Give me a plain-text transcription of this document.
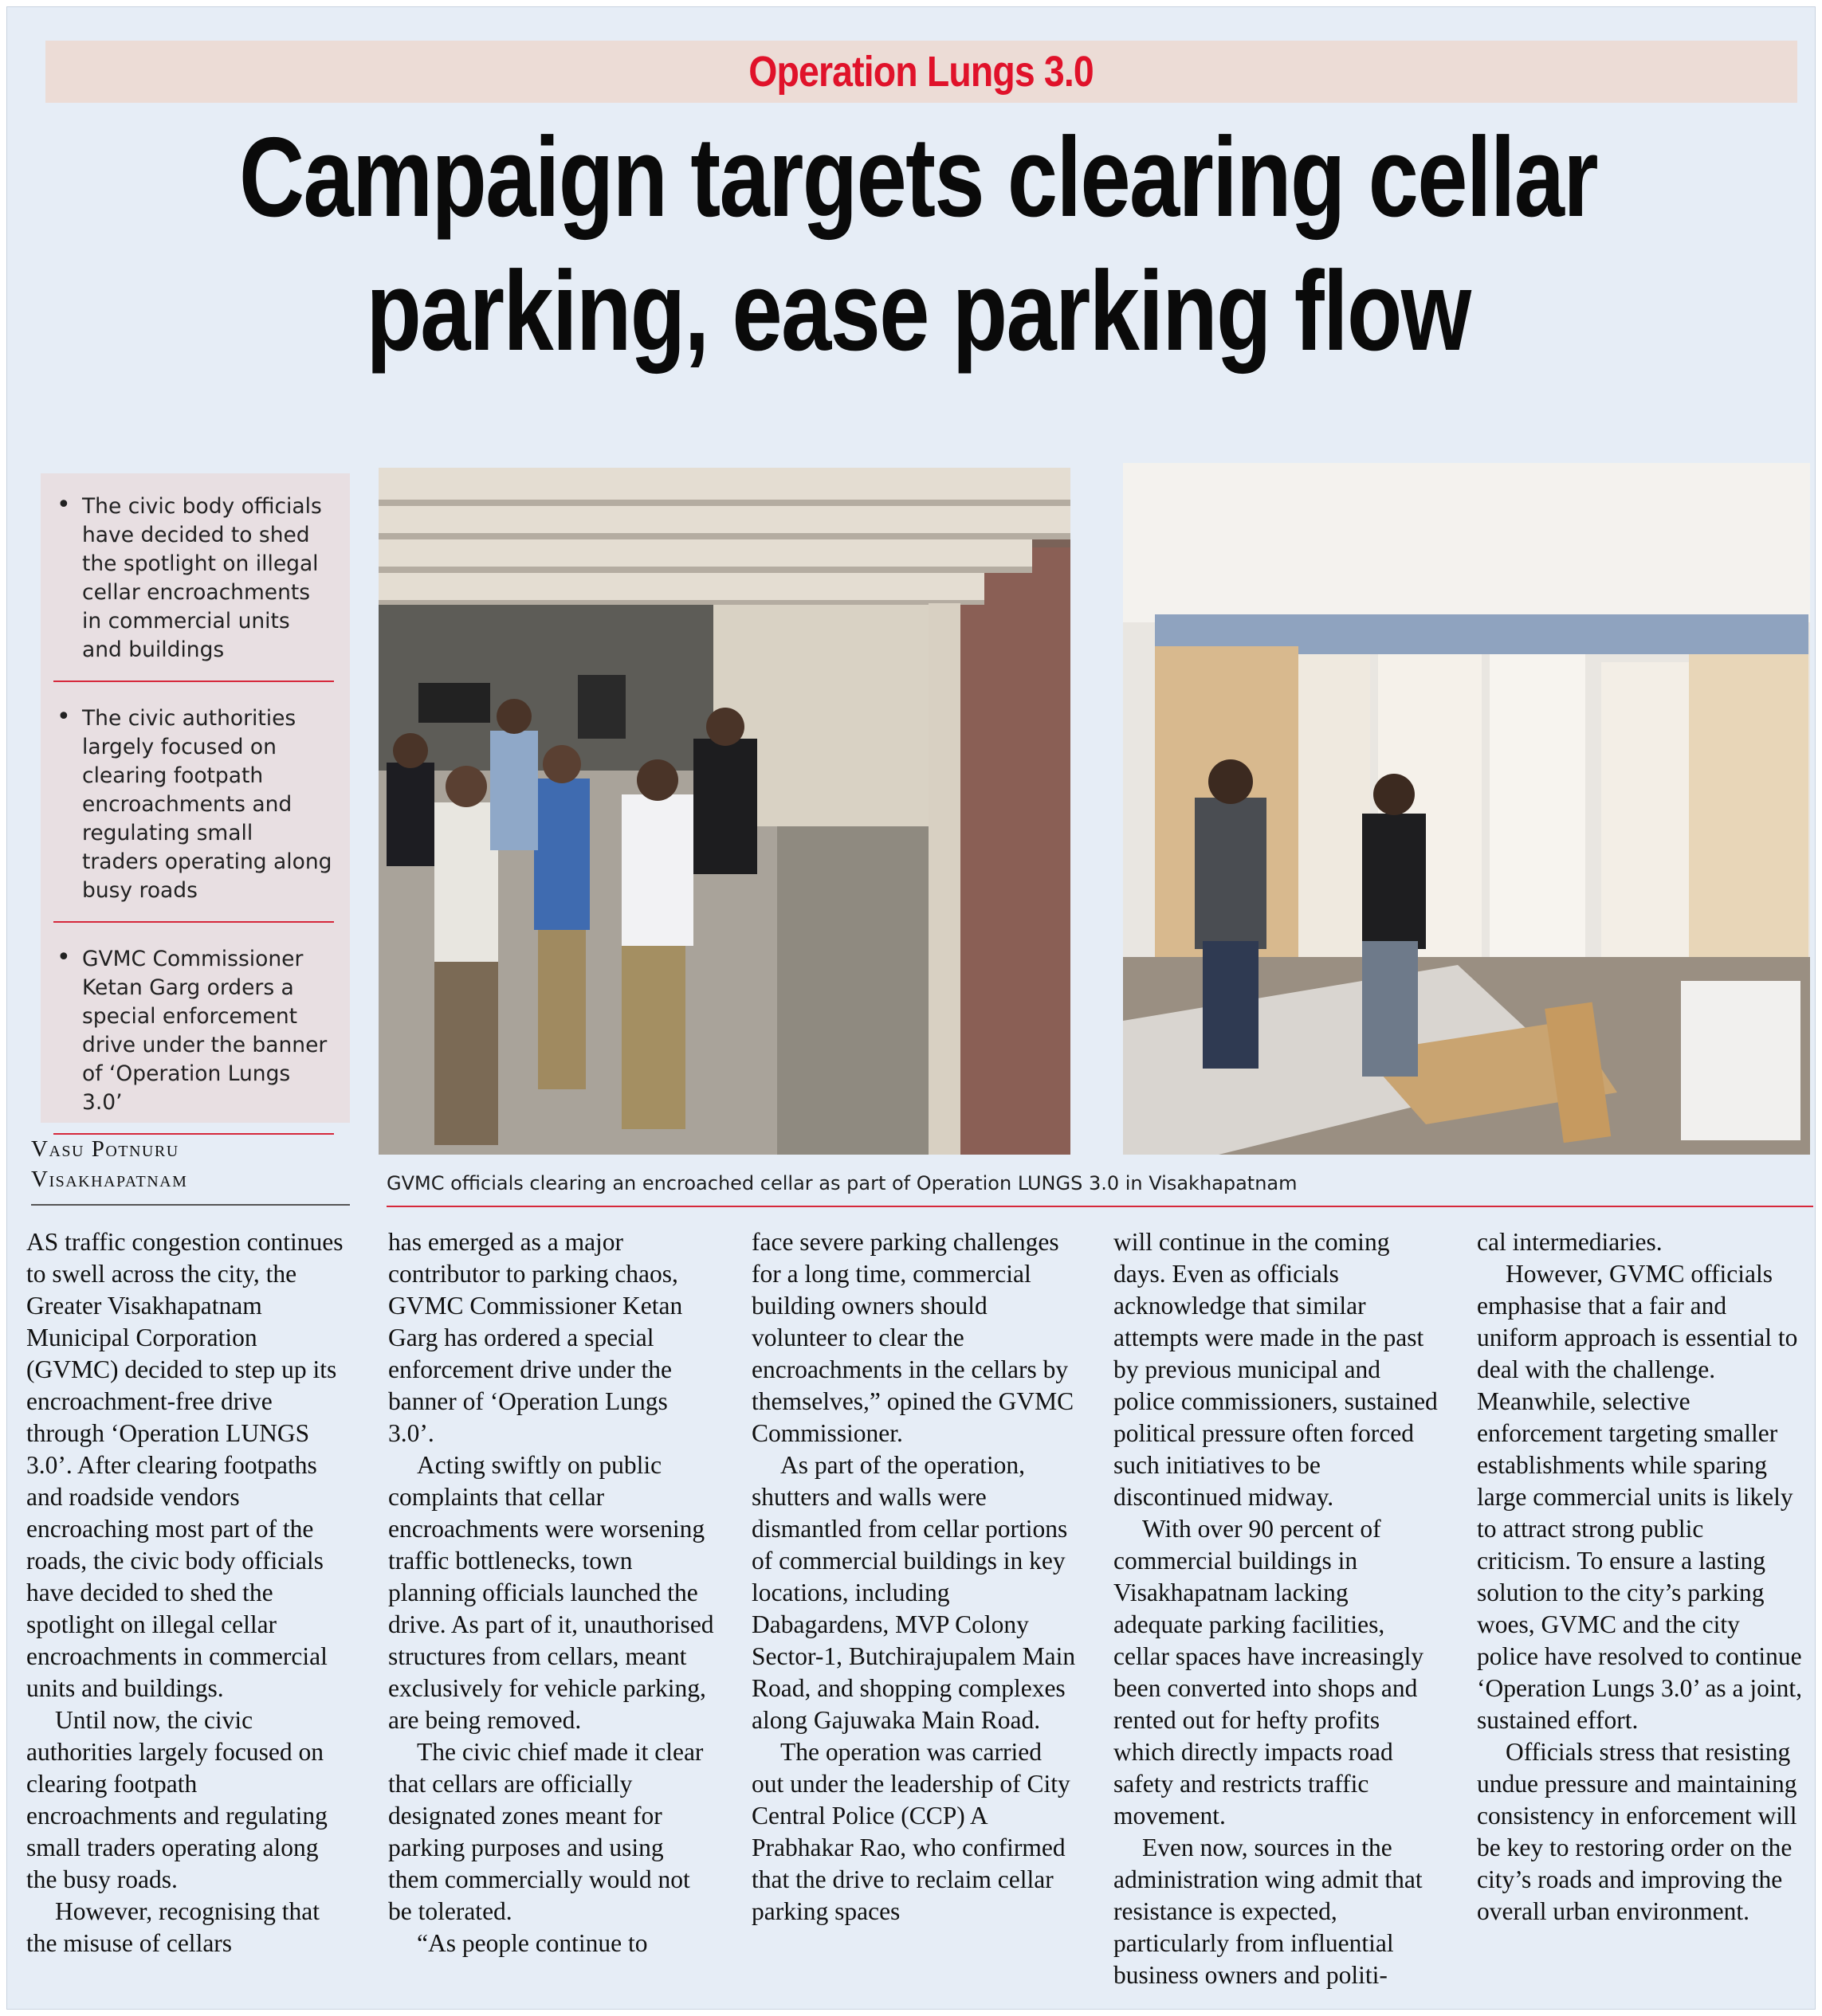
Operation Lungs 3.0
Campaign targets clearing cellar
parking, ease parking flow
• The civic body officials have decided to shed the spotlight on illegal cellar encroachments in commercial units and buildings
• The civic authorities largely focused on clearing footpath encroachments and regulating small traders operating along busy roads
• GVMC Commissioner Ketan Garg orders a special enforcement drive under the banner of ‘Operation Lungs 3.0’
Vasu Potnuru
Visakhapatnam	GVMC officials clearing an encroached cellar as part of Operation LUNGS 3.0 in Visakhapatnam

AS traffic congestion continues to swell across the city, the Greater Visakhapatnam Municipal Corporation (GVMC) decided to step up its encroachment-free drive through ‘Operation LUNGS 3.0’. After clearing footpaths and roadside vendors encroaching most part of the roads, the civic body officials have decided to shed the spotlight on illegal cellar encroachments in commercial units and buildings.

Until now, the civic authorities largely focused on clearing footpath encroachments and regulating small traders operating along the busy roads.

However, recognising that the misuse of cellars

has emerged as a major contributor to parking chaos, GVMC Commissioner Ketan Garg has ordered a special enforcement drive under the banner of ‘Operation Lungs 3.0’.

Acting swiftly on public complaints that cellar encroachments were worsening traffic bottlenecks, town planning officials launched the drive. As part of it, unauthorised structures from cellars, meant exclusively for vehicle parking, are being removed.

The civic chief made it clear that cellars are officially designated zones meant for parking purposes and using them commercially would not be tolerated.

“As people continue to

face severe parking challenges for a long time, commercial building owners should volunteer to clear the encroachments in the cellars by themselves,” opined the GVMC Commissioner.

As part of the operation, shutters and walls were dismantled from cellar portions of commercial buildings in key locations, including Dabagardens, MVP Colony Sector-1, Butchirajupalem Main Road, and shopping complexes along Gajuwaka Main Road.

The operation was carried out under the leadership of City Central Police (CCP) A Prabhakar Rao, who confirmed that the drive to reclaim cellar parking spaces

will continue in the coming days. Even as officials acknowledge that similar attempts were made in the past by previous municipal and police commissioners, sustained political pressure often forced such initiatives to be discontinued midway.

With over 90 percent of commercial buildings in Visakhapatnam lacking adequate parking facilities, cellar spaces have increasingly been converted into shops and rented out for hefty profits which directly impacts road safety and restricts traffic movement.

Even now, sources in the administration wing admit that resistance is expected, particularly from influential business owners and politi-

cal intermediaries.

However, GVMC officials emphasise that a fair and uniform approach is essential to deal with the challenge. Meanwhile, selective enforcement targeting smaller establishments while sparing large commercial units is likely to attract strong public criticism. To ensure a lasting solution to the city’s parking woes, GVMC and the city police have resolved to continue ‘Operation Lungs 3.0’ as a joint, sustained effort.

Officials stress that resisting undue pressure and maintaining consistency in enforcement will be key to restoring order on the city’s roads and improving the overall urban environment.
